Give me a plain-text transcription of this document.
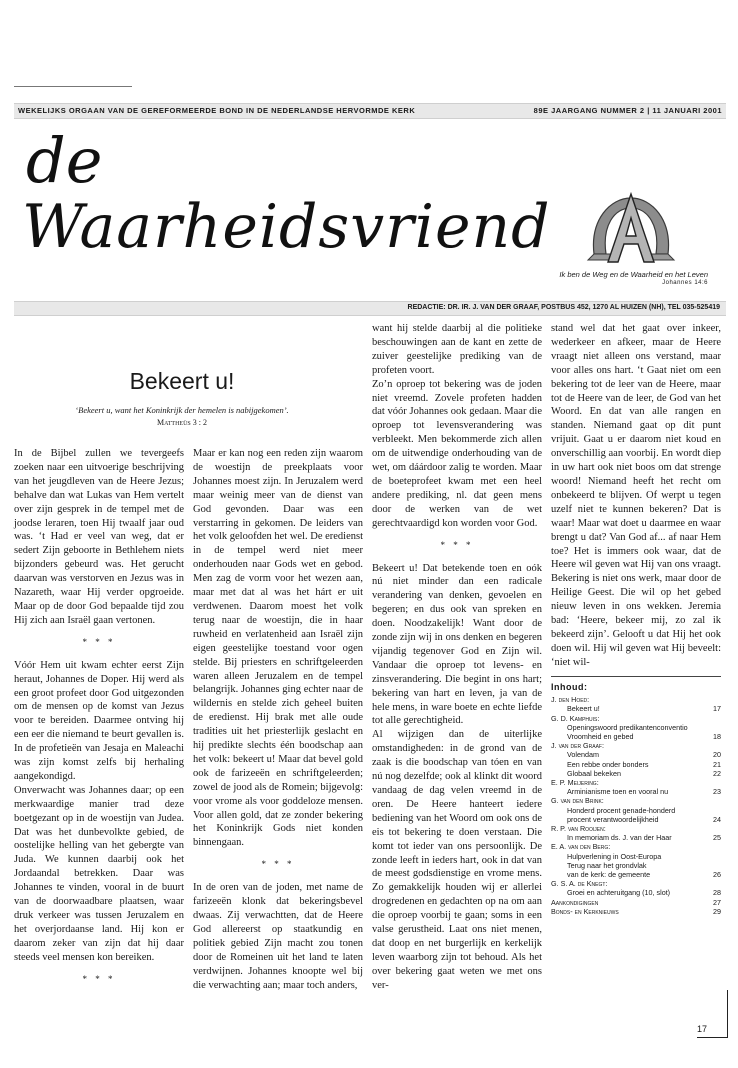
WEKELIJKS ORGAAN VAN DE GEREFORMEERDE BOND IN DE NEDERLANDSE HERVORMDE KERK	89E JAARGANG NUMMER 2 | 11 JANUARI 2001
de
Waarheidsvriend
Ik ben de Weg en de Waarheid en het Leven
Johannes 14:6
REDACTIE: DR. IR. J. VAN DER GRAAF, POSTBUS 452, 1270 AL HUIZEN (NH), TEL 035-525419
Bekeert u!
‘Bekeert u, want het Koninkrijk der hemelen is nabijgekomen’.
Mattheüs 3 : 2

In de Bijbel zullen we tevergeefs zoeken naar een uitvoerige beschrijving van het jeugdleven van de Heere Jezus; behalve dan wat Lukas van Hem vertelt over zijn gesprek in de tempel met de joodse leraren, toen Hij twaalf jaar oud was. ‘t Had er veel van weg, dat er sedert Zijn geboorte in Bethlehem niets bijzonders gebeurd was. Het gerucht daarvan was verstorven en Jezus was in Nazareth, waar Hij verder opgroeide. Maar op de door God bepaalde tijd zou Hij zich aan Israël gaan vertonen.

* * *

Vóór Hem uit kwam echter eerst Zijn heraut, Johannes de Doper. Hij werd als een groot profeet door God uitgezonden om de mensen op de komst van Jezus voor te bereiden. Daarmee ontving hij een eer die niemand te beurt gevallen is. In de profetieën van Jesaja en Maleachi was zijn komst zelfs bij herhaling aangekondigd.

Onverwacht was Johannes daar; op een merkwaardige manier trad deze boetgezant op in de woestijn van Judea. Dat was het dunbevolkte gebied, de oostelijke helling van het gebergte van Juda. We kunnen daarbij ook het Jordaandal betrekken. Daar was Johannes te vinden, vooral in de buurt van de doorwaadbare plaatsen, waar druk verkeer was tussen Jeruzalem en het overjordaanse land. Hij kon er daarom zeker van zijn dat hij daar steeds veel mensen kon bereiken.

* * *

Maar er kan nog een reden zijn waarom de woestijn de preekplaats voor Johannes moest zijn. In Jeruzalem werd maar weinig meer van de dienst van God gevonden. Daar was een verstarring in gekomen. De leiders van het volk geloofden het wel. De eredienst in de tempel werd niet meer onderhouden naar Gods wet en gebod. Men zag de vorm voor het wezen aan, maar met dat al was het hárt er uit verdwenen. Daarom moest het volk terug naar de woestijn, die in haar ruwheid en verlatenheid aan Israël zijn eigen geestelijke toestand voor ogen stelde. Bij priesters en schriftgeleerden waren alleen Jeruzalem en de tempel belangrijk. Johannes ging echter naar de wildernis en stelde zich geheel buiten de eredienst. Hij brak met alle oude tradities uit het priesterlijk geslacht en hij predikte slechts één boodschap aan het volk: bekeert u! Maar dat bevel gold ook de farizeeën en schriftgeleerden; zowel de jood als de Romein; bijgevolg: voor vrome als voor goddeloze mensen. Voor allen gold, dat ze zonder bekering het Koninkrijk Gods niet konden binnengaan.

* * *

In de oren van de joden, met name de farizeeën klonk dat bekeringsbevel dwaas. Zij verwachtten, dat de Heere God allereerst op staatkundig en politiek gebied Zijn macht zou tonen door de Romeinen uit het land te laten verdwijnen. Johannes knoopte wel bij die verwachting aan; maar toch anders,

want hij stelde daarbij al die politieke beschouwingen aan de kant en zette de zuiver geestelijke prediking van de profeten voort.

Zo’n oproep tot bekering was de joden niet vreemd. Zovele profeten hadden dat vóór Johannes ook gedaan. Maar die oproep tot levensverandering was verbleekt. Men bekommerde zich allen om de uitwendige onderhouding van de wet, om dáárdoor zalig te worden. Maar de boeteprofeet kwam met een heel andere prediking, nl. dat geen mens door de werken van de wet gerechtvaardigd kon worden voor God.

* * *

Bekeert u! Dat betekende toen en oók nú niet minder dan een radicale verandering van denken, gevoelen en begeren; en dus ook van spreken en doen. Noodzakelijk! Want door de zonde zijn wij in ons denken en begeren vijandig tegenover God en Zijn wil. Vandaar die oproep tot levens- en zinsverandering. Die begint in ons hart; bekering van hart en leven, ja van de hele mens, in ware boete en echte liefde tot alle gerechtigheid.

Al wijzigen dan de uiterlijke omstandigheden: in de grond van de zaak is die boodschap van tóen en van nú nog dezelfde; ook al klinkt dit woord vandaag de dag velen vreemd in de oren. De Heere hanteert iedere bediening van het Woord om ook ons de eis tot bekering te doen verstaan. Die komt tot ieder van ons persoonlijk. De zonde leeft in ieders hart, ook in dat van de meest godsdienstige en vrome mens. Zo gemakkelijk houden wij er allerlei drogredenen en gedachten op na om aan die oproep voorbij te gaan; soms in een valse gerustheid. Laat ons niet menen, dat doop en net burgerlijk en kerkelijk leven waarborg zijn tot behoud. Als het over bekering gaat weten we met ons ver-

stand wel dat het gaat over inkeer, wederkeer en afkeer, maar de Heere vraagt niet alleen ons verstand, maar voor alles ons hart. ‘t Gaat niet om een bekering tot de leer van de Heere, maar tot de Heere van de leer, de God van het Woord. En dat van alle rangen en standen. Niemand gaat op dit punt vrijuit. Gaat u er daarom niet koud en onverschillig aan voorbij. En wordt diep in uw hart ook niet boos om dat strenge woord! Niemand heeft het recht om onbekeerd te blijven. Of werpt u tegen uzelf niet te kunnen bekeren? Dat is waar! Maar wat doet u daarmee en waar brengt u dat? Van God af... af naar Hem toe? Het is immers ook waar, dat de Heere wil geven wat Hij van ons vraagt. Bekering is niet ons werk, maar door de Heilige Geest. Die wil op het gebed nieuw leven in ons wekken. Jeremia bad: ‘Heere, bekeer mij, zo zal ik bekeerd zijn’. Gelooft u dat Hij het ook doen wil. Hij wil geven wat Hij beveelt: ‘niet wil-

Inhoud:
J. den Hoed:
Bekeert u!	17
G. D. Kamphuis:
Openingswoord predikantenconventio
Vroomheid en gebed	18
J. van der Graaf:
Volendam	20
Een rebbe onder bonders	21
Globaal bekeken	22
E. P. Meijering:
Arminianisme toen en vooral nu	23
G. van den Brink:
Honderd procent genade-honderd
procent verantwoordelijkheid	24
R. P. van Rooijen:
In memoriam ds. J. van der Haar	25
E. A. van den Berg:
Hulpverlening in Oost-Europa
Terug naar het grondvlak
van de kerk: de gemeente	26
G. S. A. de Knegt:
Groei en achteruitgang (10, slot)	28
Aankondigingen	27
Bonds- en Kerknieuws	29
17
